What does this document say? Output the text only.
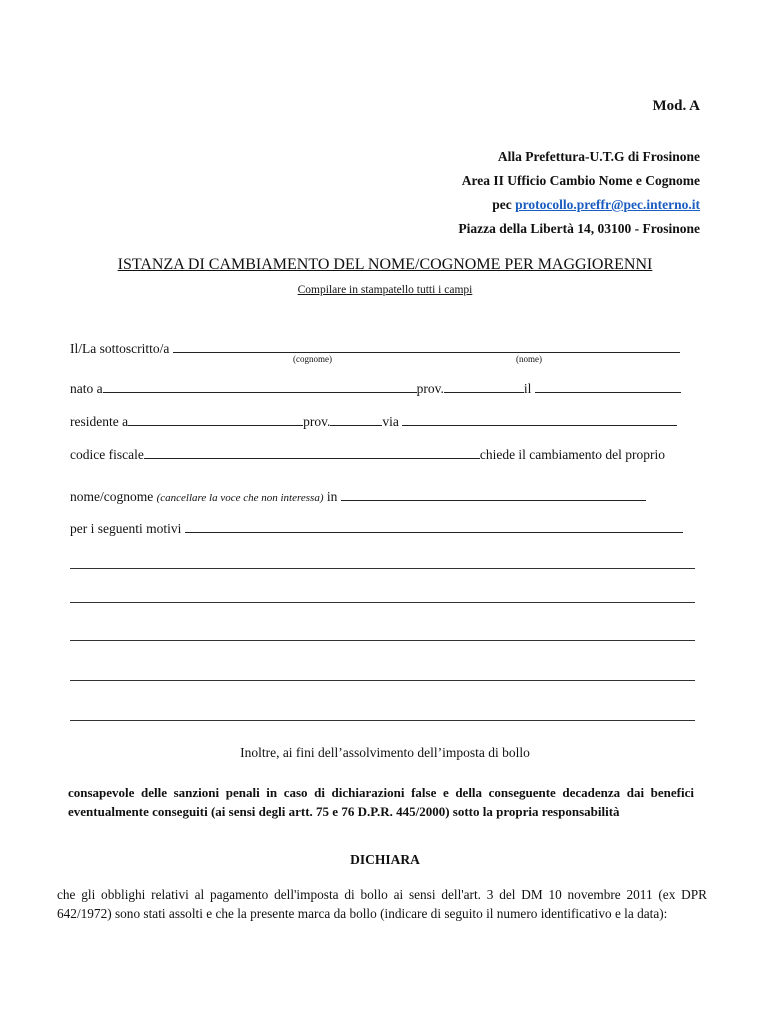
Mod. A
Alla Prefettura-U.T.G di Frosinone
Area II Ufficio Cambio Nome e Cognome
pec protocollo.preffr@pec.interno.it
Piazza della Libertà 14, 03100 - Frosinone
ISTANZA DI CAMBIAMENTO DEL NOME/COGNOME PER MAGGIORENNI
Compilare in stampatello tutti i campi
Il/La sottoscritto/a
(cognome)	(nome)
nato a	prov.	il
residente a	prov.	via
codice fiscale	chiede il cambiamento del proprio
nome/cognome (cancellare la voce che non interessa) in
per i seguenti motivi
Inoltre, ai fini dell’assolvimento dell’imposta di bollo

consapevole delle sanzioni penali in caso di dichiarazioni false e della conseguente decadenza dai benefici eventualmente conseguiti (ai sensi degli artt. 75 e 76 D.P.R. 445/2000) sotto la propria responsabilità

DICHIARA

che gli obblighi relativi al pagamento dell'imposta di bollo ai sensi dell'art. 3 del DM 10 novembre 2011 (ex DPR 642/1972) sono stati assolti e che la presente marca da bollo (indicare di seguito il numero identificativo e la data):
